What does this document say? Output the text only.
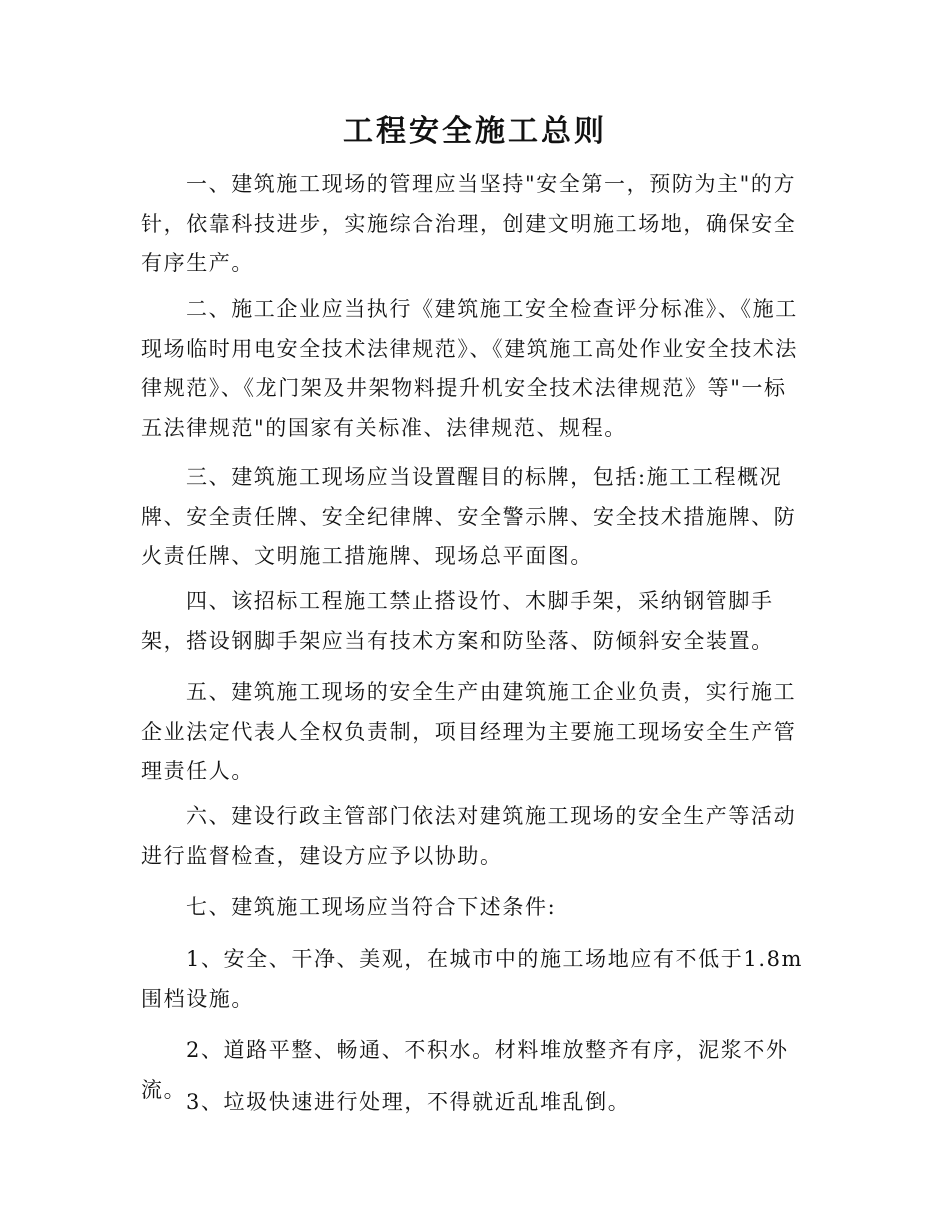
工程安全施工总则

一、建筑施工现场的管理应当坚持"安全第一，预防为主"的方针，依靠科技进步，实施综合治理，创建文明施工场地，确保安全有序生产。

二、施工企业应当执行《建筑施工安全检查评分标准》、《施工现场临时用电安全技术法律规范》、《建筑施工高处作业安全技术法律规范》、《龙门架及井架物料提升机安全技术法律规范》等"一标五法律规范"的国家有关标准、法律规范、规程。

三、建筑施工现场应当设置醒目的标牌，包括:施工工程概况牌、安全责任牌、安全纪律牌、安全警示牌、安全技术措施牌、防火责任牌、文明施工措施牌、现场总平面图。

四、该招标工程施工禁止搭设竹、木脚手架，采纳钢管脚手架，搭设钢脚手架应当有技术方案和防坠落、防倾斜安全装置。

五、建筑施工现场的安全生产由建筑施工企业负责，实行施工企业法定代表人全权负责制，项目经理为主要施工现场安全生产管理责任人。

六、建设行政主管部门依法对建筑施工现场的安全生产等活动进行监督检查，建设方应予以协助。

七、建筑施工现场应当符合下述条件:

1、安全、干净、美观，在城市中的施工场地应有不低于1.8m围档设施。

2、道路平整、畅通、不积水。材料堆放整齐有序，泥浆不外流。

3、垃圾快速进行处理，不得就近乱堆乱倒。
